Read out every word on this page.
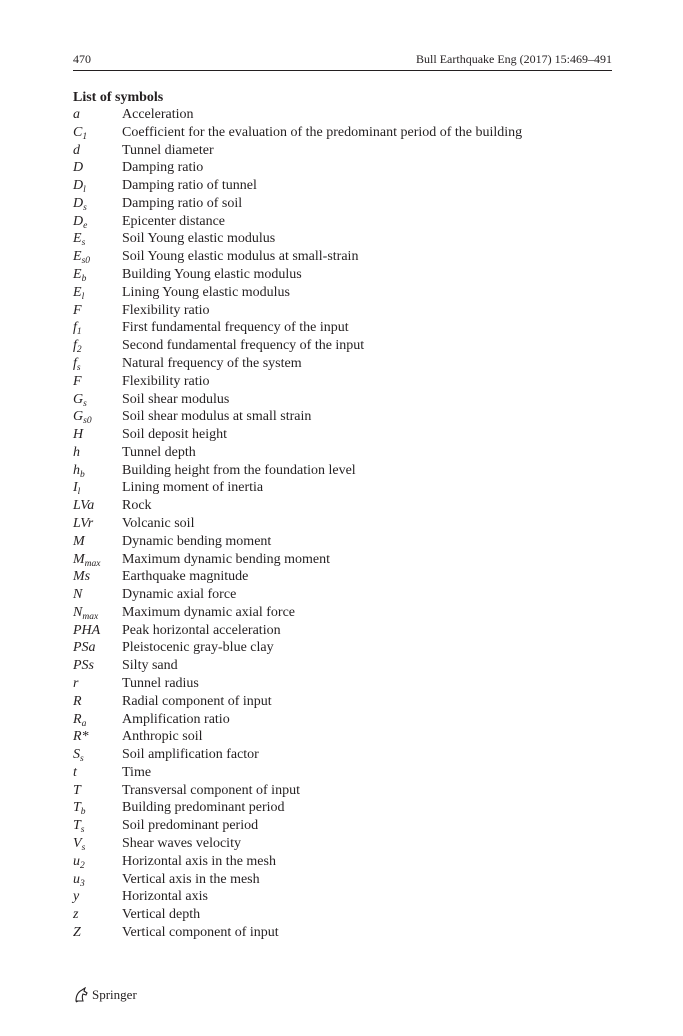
470	Bull Earthquake Eng (2017) 15:469–491
List of symbols
a	Acceleration
$C_1$ Coefficient for the evaluation of the predominant period of the building
d	Tunnel diameter
D	Damping ratio
$D_l$	Damping ratio of tunnel
$D_s$	Damping ratio of soil
$D_e$ Epicenter distance
$E_s$	Soil Young elastic modulus
$E_{s0}$ Soil Young elastic modulus at small-strain
$E_b$	Building Young elastic modulus
$E_l$	Lining Young elastic modulus
F	Flexibility ratio
$f_1$	First fundamental frequency of the input
$f_2$	Second fundamental frequency of the input
$f_s$	Natural frequency of the system
F	Flexibility ratio
$G_s$	Soil shear modulus
$G_{s0}$ Soil shear modulus at small strain
H	Soil deposit height
h	Tunnel depth
$h_b$	Building height from the foundation level
$I_l$	Lining moment of inertia
LVa Rock
LVr Volcanic soil
M	Dynamic bending moment
$M_{max}$ Maximum dynamic bending moment
Ms Earthquake magnitude
N	Dynamic axial force
$N_{max}$ Maximum dynamic axial force
PHA Peak horizontal acceleration
PSa Pleistocenic gray-blue clay
PSs Silty sand
r	Tunnel radius
R	Radial component of input
$R_a$	Amplification ratio
R* Anthropic soil
$S_s$	Soil amplification factor
t	Time
T	Transversal component of input
$T_b$	Building predominant period
$T_s$	Soil predominant period
$V_s$	Shear waves velocity
$u_2$	Horizontal axis in the mesh
$u_3$	Vertical axis in the mesh
y	Horizontal axis
z	Vertical depth
Z	Vertical component of input
Springer
